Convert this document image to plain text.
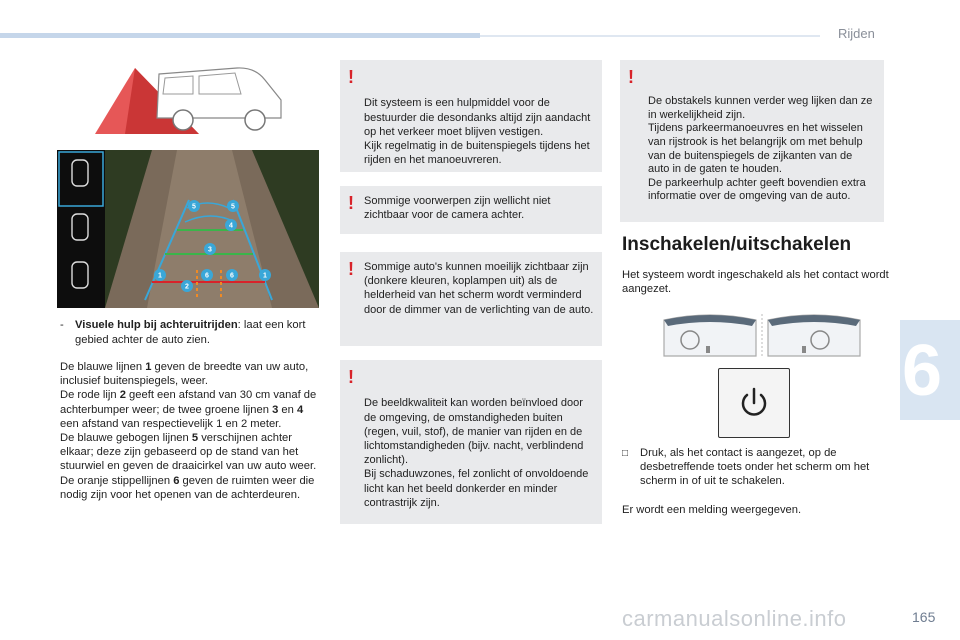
Rijden
6
5	5
4
3
1	6	6	1
2
-	Visuele hulp bij achteruitrijden: laat een kort gebied achter de auto zien.
De blauwe lijnen 1 geven de breedte van uw auto, inclusief buitenspiegels, weer.
De rode lijn 2 geeft een afstand van 30 cm vanaf de achterbumper weer; de twee groene lijnen 3 en 4 een afstand van respectievelijk 1 en 2 meter.
De blauwe gebogen lijnen 5 verschijnen achter elkaar; deze zijn gebaseerd op de stand van het stuurwiel en geven de draaicirkel van uw auto weer.
De oranje stippellijnen 6 geven de ruimten weer die nodig zijn voor het openen van de achterdeuren.

!

Dit systeem is een hulpmiddel voor de bestuurder die desondanks altijd zijn aandacht op het verkeer moet blijven vestigen.
Kijk regelmatig in de buitenspiegels tijdens het rijden en het manoeuvreren.

! Sommige voorwerpen zijn wellicht niet zichtbaar voor de camera achter.
! Sommige auto's kunnen moeilijk zichtbaar zijn (donkere kleuren, koplampen uit) als de helderheid van het scherm wordt verminderd door de dimmer van de verlichting van de auto.

!

De beeldkwaliteit kan worden beïnvloed door de omgeving, de omstandigheden buiten (regen, vuil, stof), de manier van rijden en de lichtomstandigheden (bijv. nacht, verblindend zonlicht).
Bij schaduwzones, fel zonlicht of onvoldoende licht kan het beeld donkerder en minder contrastrijk zijn.

!

De obstakels kunnen verder weg lijken dan ze in werkelijkheid zijn.
Tijdens parkeermanoeuvres en het wisselen van rijstrook is het belangrijk om met behulp van de buitenspiegels de zijkanten van de auto in de gaten te houden.
De parkeerhulp achter geeft bovendien extra informatie over de omgeving van de auto.

Inschakelen/uitschakelen
Het systeem wordt ingeschakeld als het contact wordt aangezet.
□	Druk, als het contact is aangezet, op de desbetreffende toets onder het scherm om het scherm in of uit te schakelen.
Er wordt een melding weergegeven.
carmanualsonline.info	165
